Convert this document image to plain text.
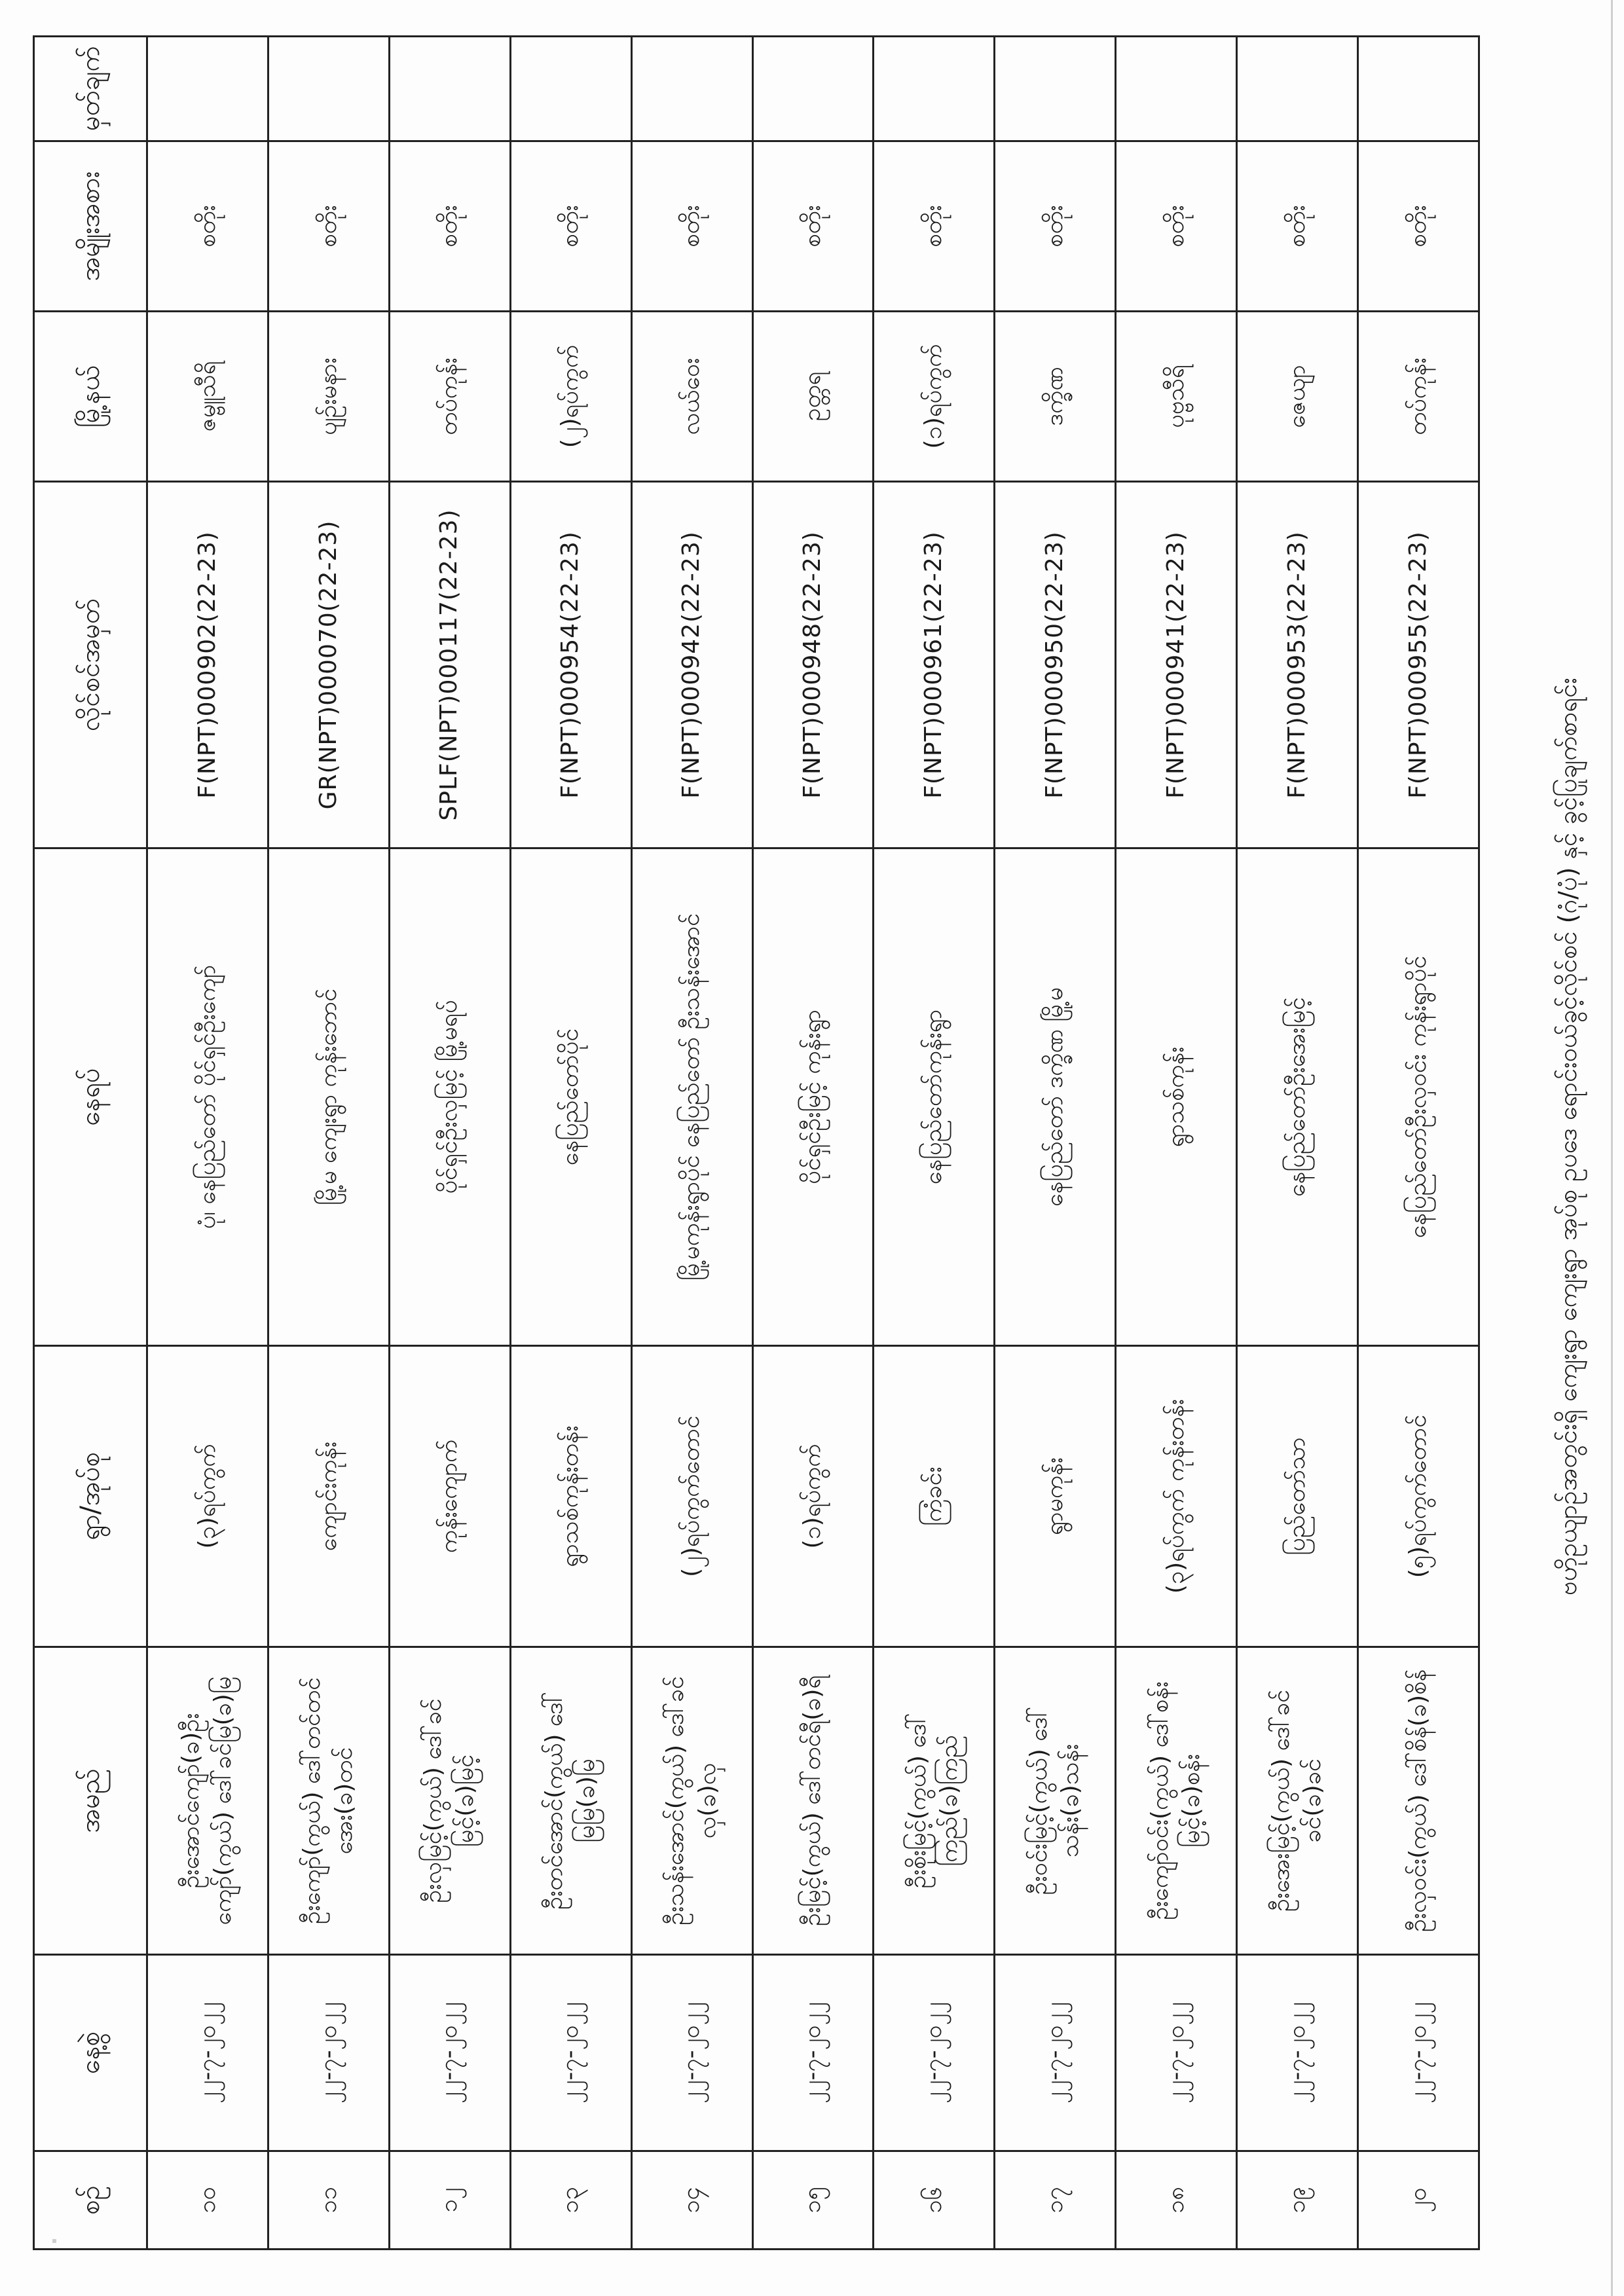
ဗဟိုဥယျာဉ်အတွင်းရှိ ကျေးရွာ ကျေးရွာ အုပ်စု ဥပဒေ ရောင်းဝယ်ခွင့်လိုင်စင် (ဂုံ/ပုံ) နှင့် ခွင့်ပြုချက်စာရင်း
စဉ်	နေ့စွဲ	အမည်	ရွာ/အုပ်စု	နေရပ်	လိုင်စင်အမှတ်	မြို့နယ်	အမျိုးအစား	မှတ်ချက်
၁၀	၂၂-၇-၂၀၂၂	ဦးအောင်ကျော်(ခ)ဦးကျော်(ကွယ်) ဒေါ်ခင်မြ(ခ)မြ	(၃)ရပ်ကွက်	ပုံ၊ နေပြည်တော် ပိုင်ရှင်ဦးကျော်	F(NPT)000902(22-23)	ဇမ္ဗူသီရိ	စတိုး	
၁၁	၂၂-၇-၂၀၂၂	ဦးကျော်(ကွယ်) ဒေါ်တင်တင်အေး(ခ)တင်	ကျောင်းကုန်း	မြို့မ ကျေးရွာ ကုန်းဘောင်	GR(NPT)000070(22-23)	ပျဉ်းမနား	စတိုး	
၁၂	၂၂-၇-၂၀၂၂	ဦးလှမြင့်(ကွယ်) ဒေါ်ခင်မြင့်(ခ)မြင့်	ကုန်းကျောက်	ပိုင်ရှင်ဦးလှမြင့် မြို့မရပ်	SPLF(NPT)000117(22-23)	တပ်ကုန်း	စတိုး	
၁၃	၂၂-၇-၂၀၂၂	ဦးတင်အောင်(ကွယ်) ဒေါ်မြမြ(ခ)မြ	ရွာသစ်ကုန်းတန်း	နေပြည်တော်ပိုင်	F(NPT)000954(22-23)	(၂)ရပ်ကွက်	စတိုး	
၁၄	၂၂-၇-၂၀၂၂	ဦးသန်းအောင်(ကွယ်) ဒေါ်ခင်လှ(ခ)လှ	(၂)ရပ်ကွက်တောင်	မြို့မကုန်းရွာပိုင် နေပြည်တော် ဦးသန်းအောင်	F(NPT)000942(22-23)	လယ်ဝေး	စတိုး	
၁၅	၂၂-၇-၂၀၂၂	ဦးမြင့်(ကွယ်) ဒေါ်တင်ရီ(ခ)ရီ	(၁)ရပ်ကွက်	ပိုင်ရှင်ဦးမြင့် ကုန်းရွာ	F(NPT)000948(22-23)	ဥတ္တရ	စတိုး	
၁၆	၂၂-၇-၂၀၂၂	ဦးစိုးမြင့်(ကွယ်) ဒေါ်ကြည်(ခ)ကြည်	ကြံခင်း	နေပြည်တော်ကုန်းရွာ	F(NPT)000961(22-23)	(၁)ရပ်ကွက်	စတိုး	
၁၇	၂၂-၇-၂၀၂၂	ဦးဝင်းမြင့်(ကွယ်) ဒေါ်သန်း(ခ)သန်း	ရွာမကုန်း	နေပြည်တော် ဒက္ခိဏ မြို့မ	F(NPT)000950(22-23)	ဒက္ခိဏ	စတိုး	
၁၈	၂၂-၇-၂၀၂၂	ဦးကျော်ဝင်း(ကွယ်) ဒေါ်စန်းမြင့်(ခ)စန်း	(၃)ရပ်ကွက် ကုန်းတန်း	ရွာသစ်ကုန်း	F(NPT)000941(22-23)	ပုဗ္ဗသီရိ	စတိုး	
၁၉	၂၂-၇-၂၀၂၂	ဦးအေးမြင့်(ကွယ်) ဒေါ်ခင်ခင်(ခ)ခင်	ပြည်တော်သာ	နေပြည်တော်ဦးအေးမြင့်	F(NPT)000953(22-23)	ဇေယျာ	စတိုး	
၂၀	၂၂-၇-၂၀၂၂	ဦးလှဝင်း(ကွယ်) ဒေါ်စိန်(ခ)စိန်	(၅)ရပ်ကွက်တောင်	နေပြည်တော်ဦးလှဝင်း ကုန်းရွာပိုင်	F(NPT)000955(22-23)	တပ်ကုန်း	စတိုး	
